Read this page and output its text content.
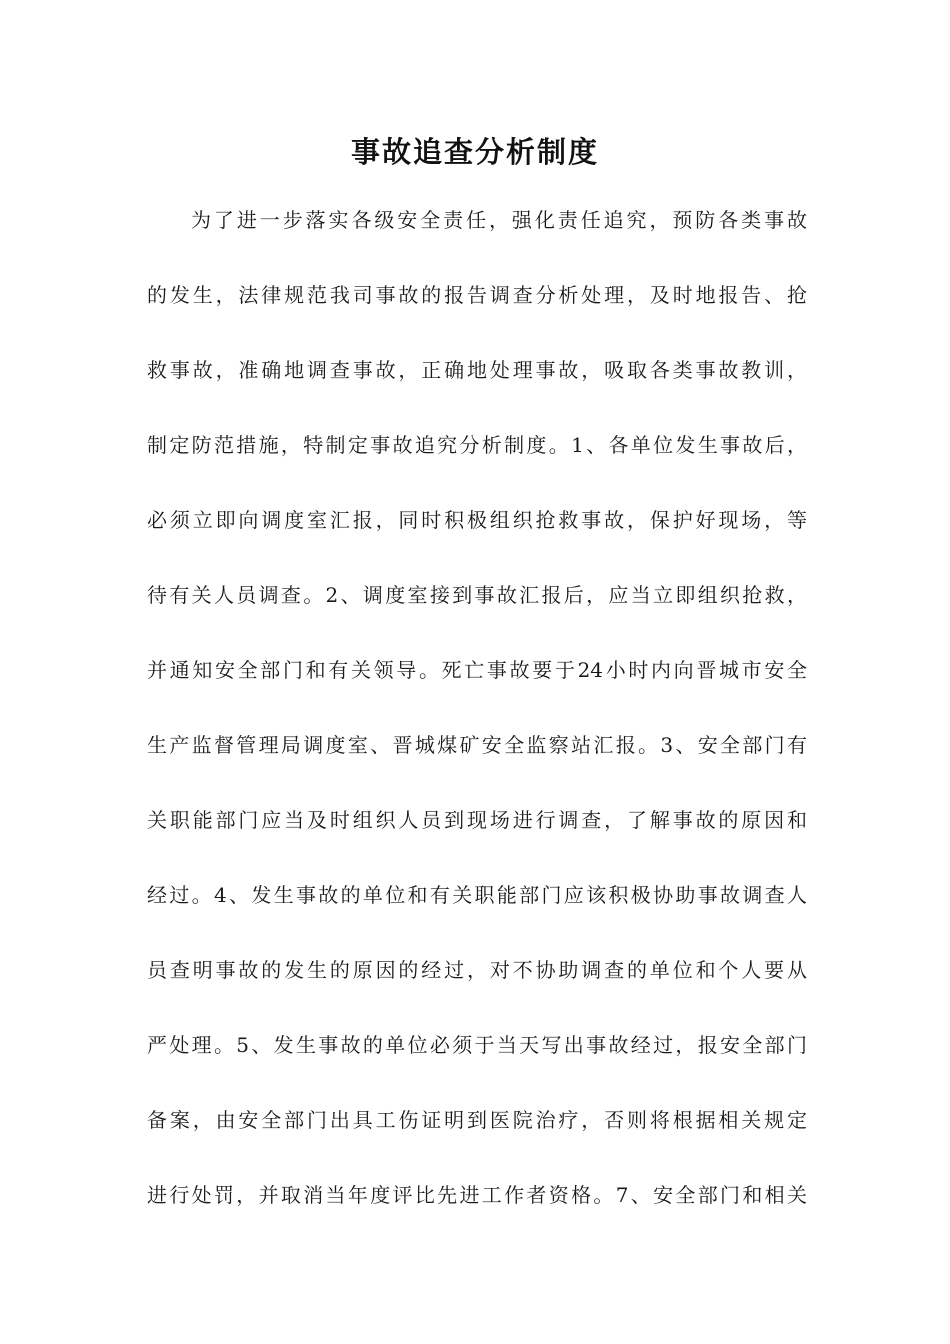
事故追查分析制度
为了进一步落实各级安全责任，强化责任追究，预防各类事故
的发生，法律规范我司事故的报告调查分析处理，及时地报告、抢
救事故，准确地调查事故，正确地处理事故，吸取各类事故教训，
制定防范措施，特制定事故追究分析制度。1、各单位发生事故后，
必须立即向调度室汇报，同时积极组织抢救事故，保护好现场，等
待有关人员调查。2、调度室接到事故汇报后，应当立即组织抢救，
并通知安全部门和有关领导。死亡事故要于24小时内向晋城市安全
生产监督管理局调度室、晋城煤矿安全监察站汇报。3、安全部门有
关职能部门应当及时组织人员到现场进行调查，了解事故的原因和
经过。4、发生事故的单位和有关职能部门应该积极协助事故调查人
员查明事故的发生的原因的经过，对不协助调查的单位和个人要从
严处理。5、发生事故的单位必须于当天写出事故经过，报安全部门
备案，由安全部门出具工伤证明到医院治疗，否则将根据相关规定
进行处罚，并取消当年度评比先进工作者资格。7、安全部门和相关
